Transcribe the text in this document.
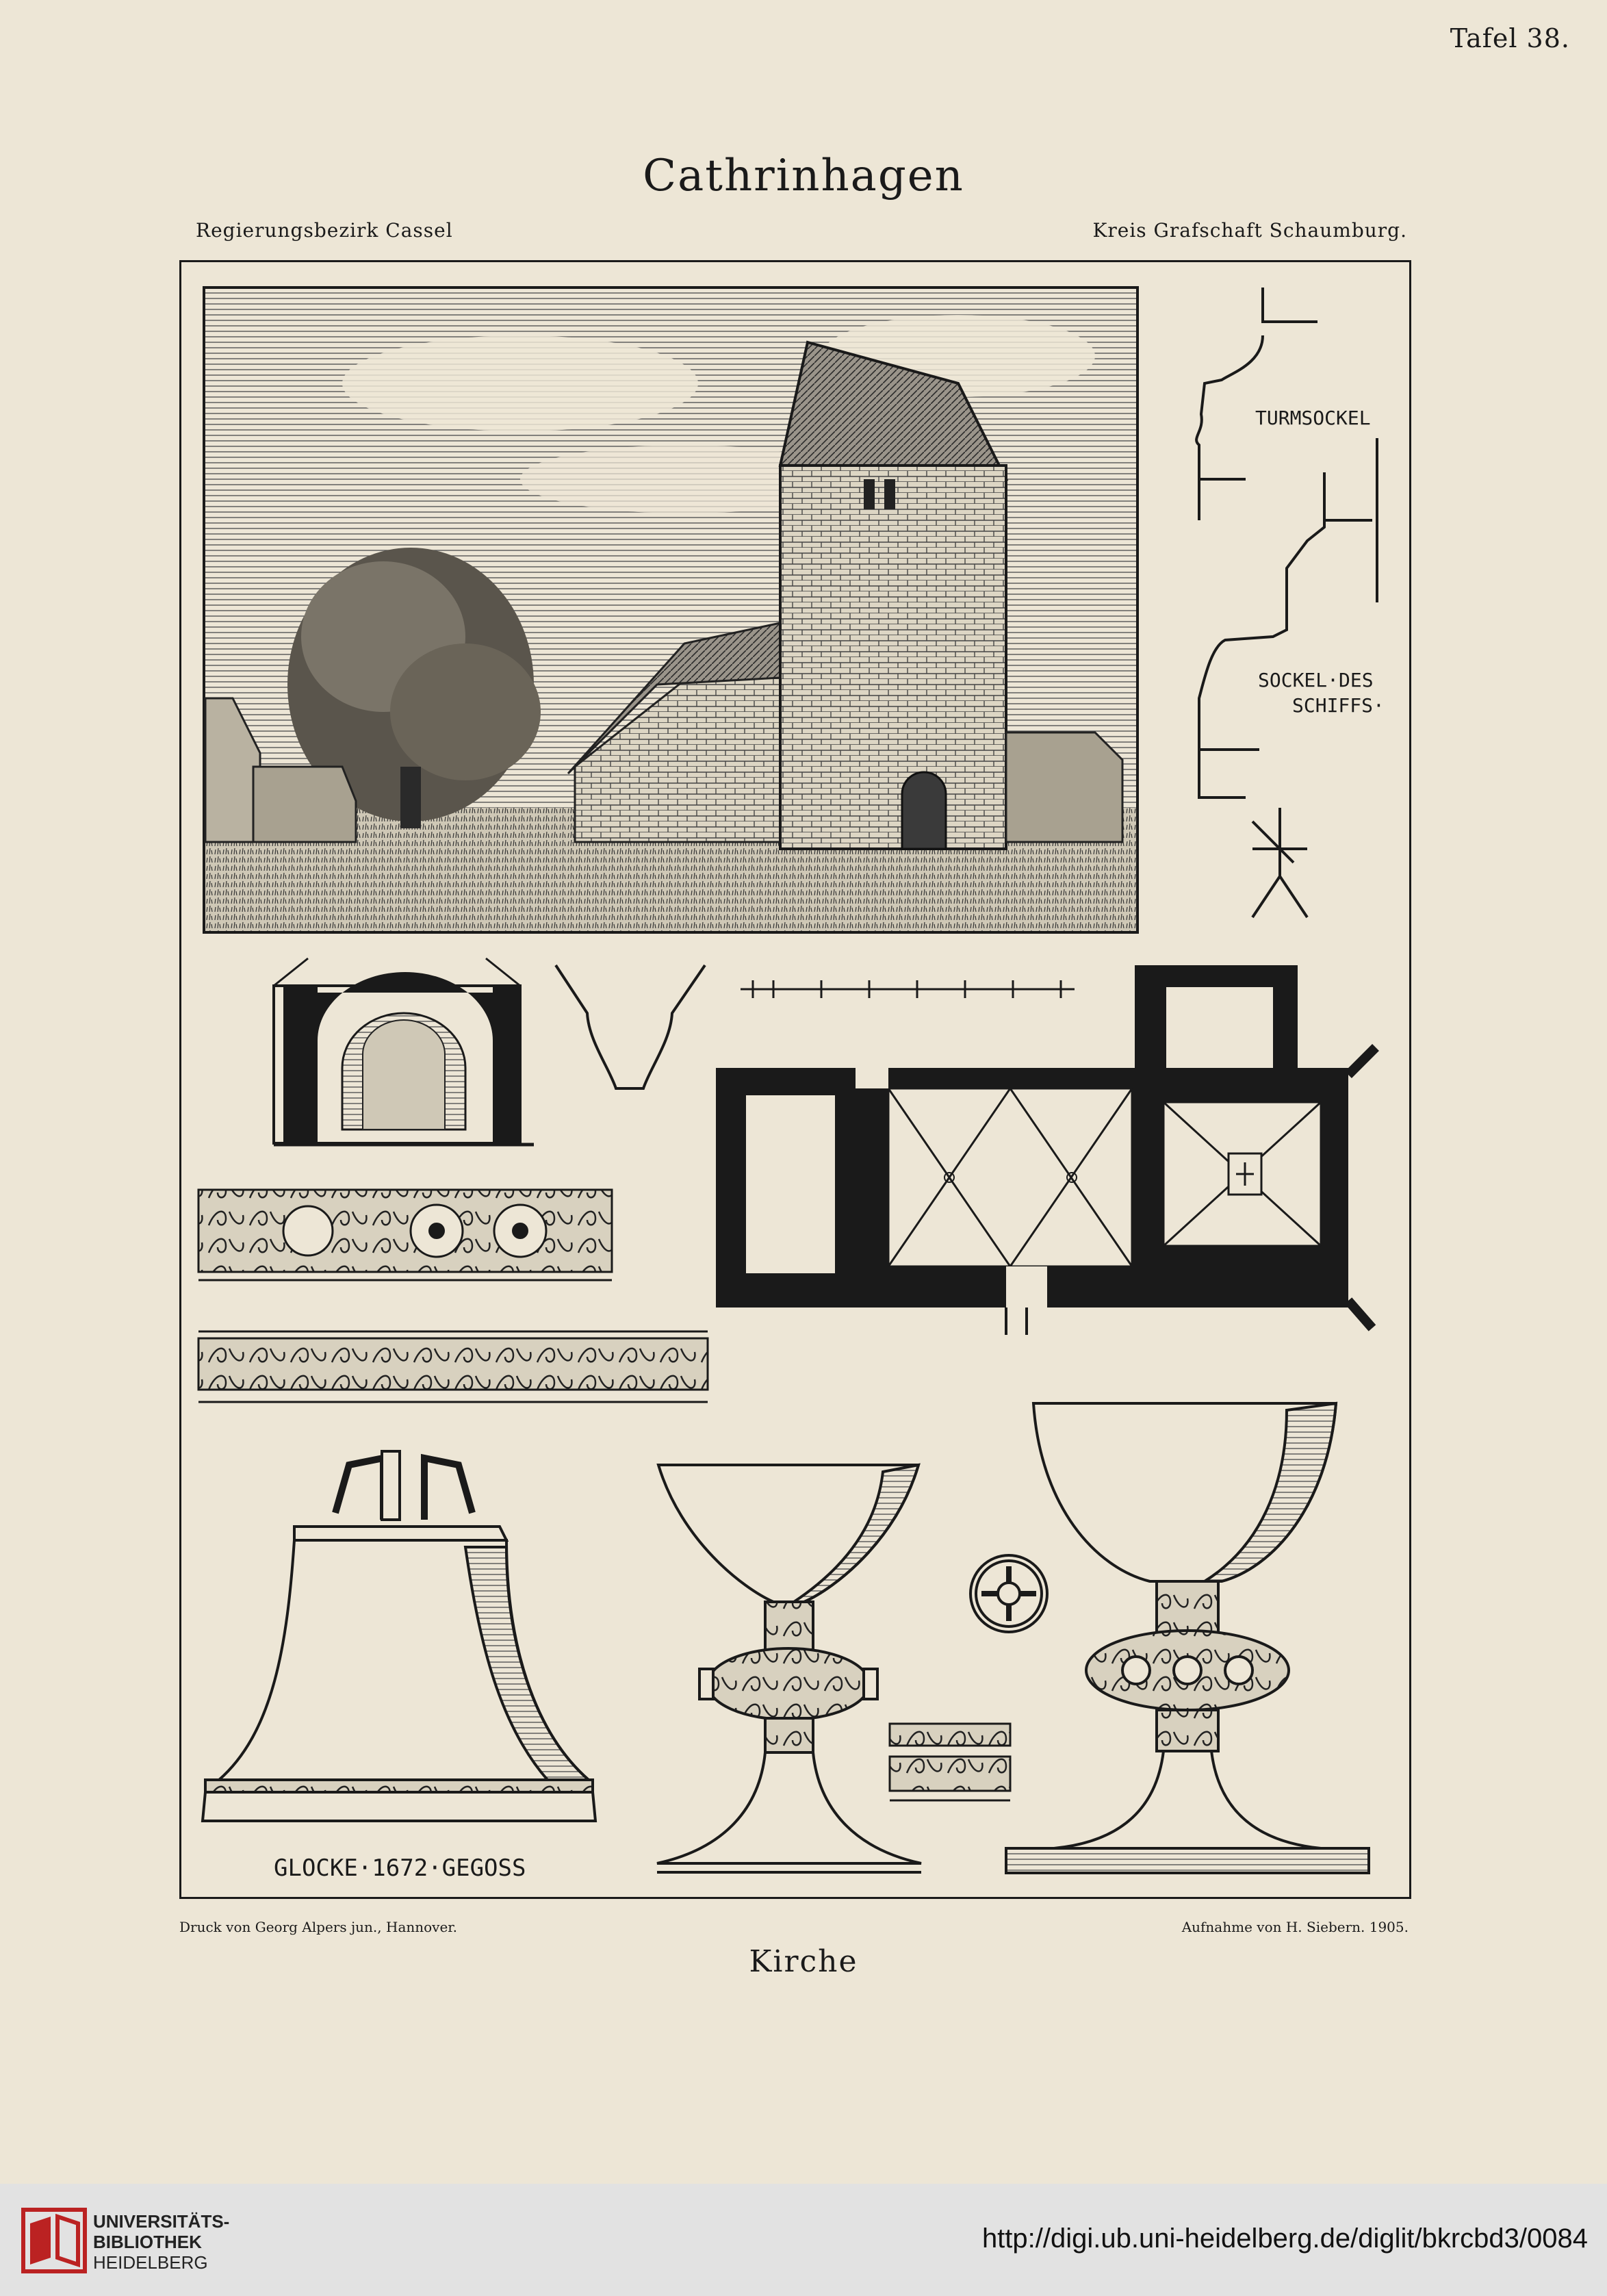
Tafel 38.
Cathrinhagen
Regierungsbezirk Cassel	Kreis Grafschaft Schaumburg.
TURMSOCKEL
SOCKEL·DES
SCHIFFS·
GLOCKE·1672·GEGOSS
Druck von Georg Alpers jun., Hannover.	Aufnahme von H. Siebern. 1905.
Kirche
UNIVERSITÄTS-
BIBLIOTHEK
HEIDELBERG
http://digi.ub.uni-heidelberg.de/diglit/bkrcbd3/0084
